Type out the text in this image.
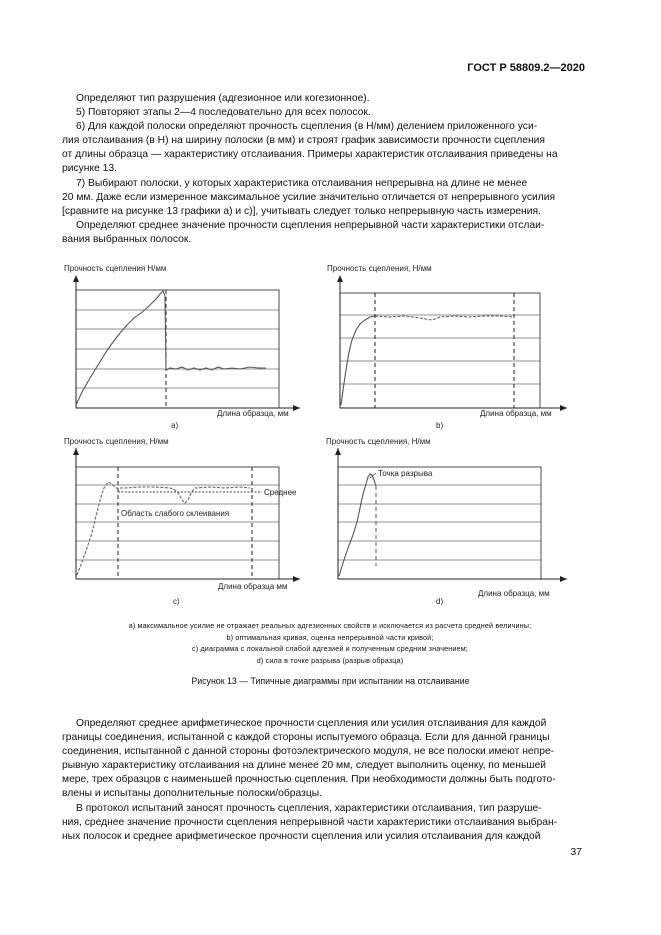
ГОСТ Р 58809.2—2020

Определяют тип разрушения (адгезионное или когезионное).

5) Повторяют этапы 2—4 последовательно для всех полосок.

6) Для каждой полоски определяют прочность сцепления (в Н/мм) делением приложенного уси-

лия отслаивания (в Н) на ширину полоски (в мм) и строят график зависимости прочности сцепления

от длины образца — характеристику отслаивания. Примеры характеристик отслаивания приведены на

рисунке 13.

7) Выбирают полоски, у которых характеристика отслаивания непрерывна на длине не менее

20 мм. Даже если измеренное максимальное усилие значительно отличается от непрерывного усилия

[сравните на рисунке 13 графики а) и с)], учитывать следует только непрерывную часть измерения.

Определяют среднее значение прочности сцепления непрерывной части характеристики отслаи-

вания выбранных полосок.

Прочность сцепления Н/мм
Длина образца, мм
а)
Прочность сцепления, Н/мм
Длина образца, мм
b)
Прочность сцепления, Н/мм
Среднее
Область слабого склеивания
Длина образца мм
с)
Прочность сцепления, Н/мм
Точка разрыва
Длина образца, мм
d)
а) максимальное усилие не отражает реальных адгезионных свойств и исключается из расчета средней величины;
b) оптимальная кривая, оценка непрерывной части кривой;
с) диаграмма с локальной слабой адгезией и полученным средним значением;
d) сила в точке разрыва (разрыв образца)
Рисунок 13 — Типичные диаграммы при испытании на отслаивание

Определяют среднее арифметическое прочности сцепления или усилия отслаивания для каждой

границы соединения, испытанной с каждой стороны испытуемого образца. Если для данной границы

соединения, испытанной с данной стороны фотоэлектрического модуля, не все полоски имеют непре-

рывную характеристику отслаивания на длине менее 20 мм, следует выполнить оценку, по меньшей

мере, трех образцов с наименьшей прочностью сцепления. При необходимости должны быть подгото-

влены и испытаны дополнительные полоски/образцы.

В протокол испытаний заносят прочность сцепления, характеристики отслаивания, тип разруше-

ния, среднее значение прочности сцепления непрерывной части характеристики отслаивания выбран-

ных полосок и среднее арифметическое прочности сцепления или усилия отслаивания для каждой

37
